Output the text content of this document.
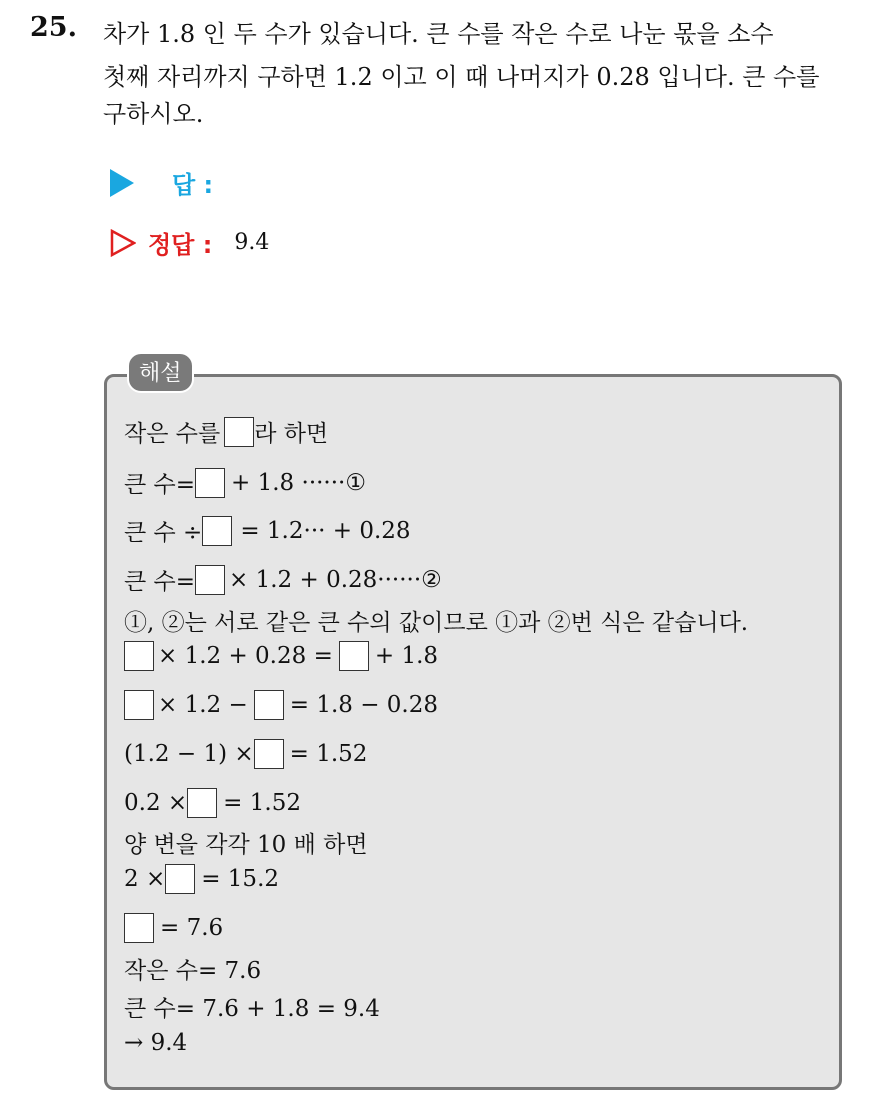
25. 차가 1.8 인 두 수가 있습니다. 큰 수를 작은 수로 나눈 몫을 소수
첫째 자리까지 구하면 1.2 이고 이 때 나머지가 0.28 입니다. 큰 수를
구하시오.
답 :
정답 : 9.4
해설
작은 수를 라 하면
큰 수= + 1.8 ······①
큰 수 ÷ = 1.2··· + 0.28
큰 수= × 1.2 + 0.28······②
①, ②는 서로 같은 큰 수의 값이므로 ①과 ②번 식은 같습니다.
× 1.2 + 0.28 = + 1.8
× 1.2 − = 1.8 − 0.28
(1.2 − 1) × = 1.52
0.2 × = 1.52
양 변을 각각 10 배 하면
2 × = 15.2
= 7.6
작은 수= 7.6
큰 수= 7.6 + 1.8 = 9.4
→ 9.4
